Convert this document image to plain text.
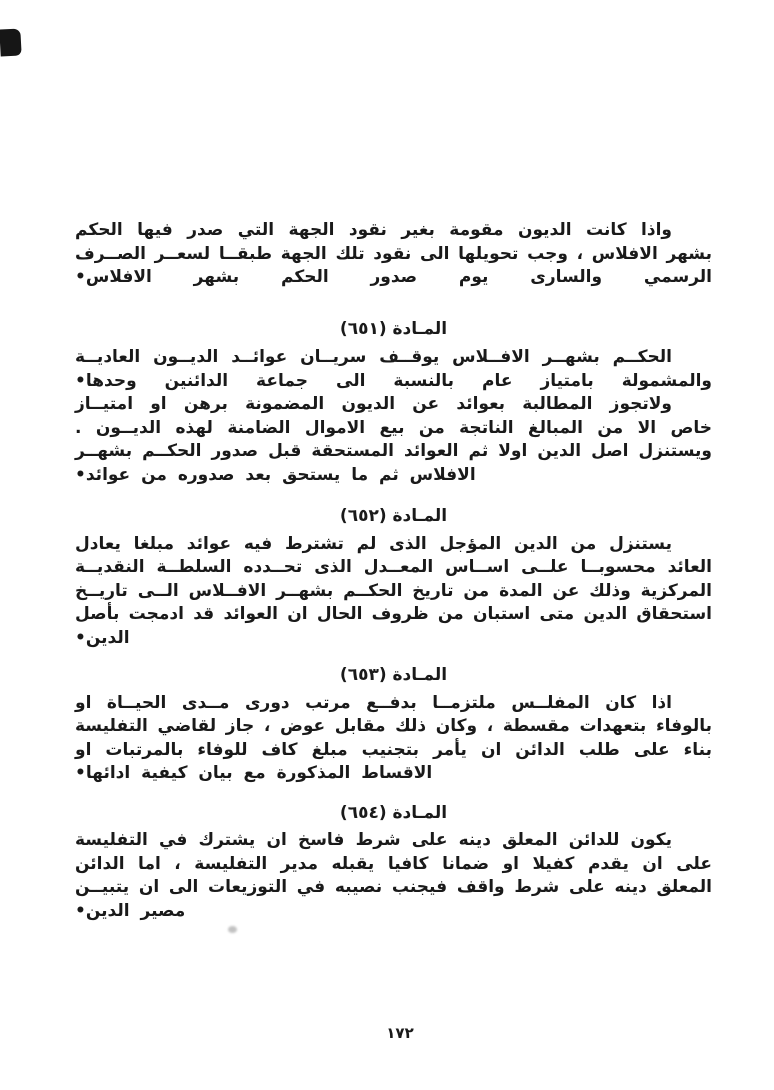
واذا كانت الديون مقومة بغير نقود الجهة التي صدر فيها الحكم
بشهر الافلاس ، وجب تحويلها الى نقود تلك الجهة طبقــا لسعــر الصــرف
الرسمي والسارى يوم صدور الحكم بشهر الافلاس•
المـادة (٦٥١)
الحكــم بشهــر الافــلاس يوقــف سريــان عوائــد الديــون العاديــة
والمشمولة بامتياز عام بالنسبة الى جماعة الدائنين وحدها•
ولاتجوز المطالبة بعوائد عن الديون المضمونة برهن او امتيــاز
خاص الا من المبالغ الناتجة من بيع الاموال الضامنة لهذه الديــون .
ويستنزل اصل الدين اولا ثم العوائد المستحقة قبل صدور الحكــم بشهــر
الافلاس ثم ما يستحق بعد صدوره من عوائد•
المـادة (٦٥٢)
يستنزل من الدين المؤجل الذى لم تشترط فيه عوائد مبلغا يعادل
العائد محسوبــا علــى اســاس المعــدل الذى تحــدده السلطــة النقديــة
المركزية وذلك عن المدة من تاريخ الحكــم بشهــر الافــلاس الــى تاريــخ
استحقاق الدين متى استبان من ظروف الحال ان العوائد قد ادمجت بأصل
الدين•
المـادة (٦٥٣)
اذا كان المفلــس ملتزمــا بدفــع مرتب دورى مــدى الحيــاة او
بالوفاء بتعهدات مقسطة ، وكان ذلك مقابل عوض ، جاز لقاضي التفليسة
بناء على طلب الدائن ان يأمر بتجنيب مبلغ كاف للوفاء بالمرتبات او
الاقساط المذكورة مع بيان كيفية ادائها•
المـادة (٦٥٤)
يكون للدائن المعلق دينه على شرط فاسخ ان يشترك في التفليسة
على ان يقدم كفيلا او ضمانا كافيا يقبله مدير التفليسة ، اما الدائن
المعلق دينه على شرط واقف فيجنب نصيبه في التوزيعات الى ان يتبيــن
مصير الدين•
١٧٢
